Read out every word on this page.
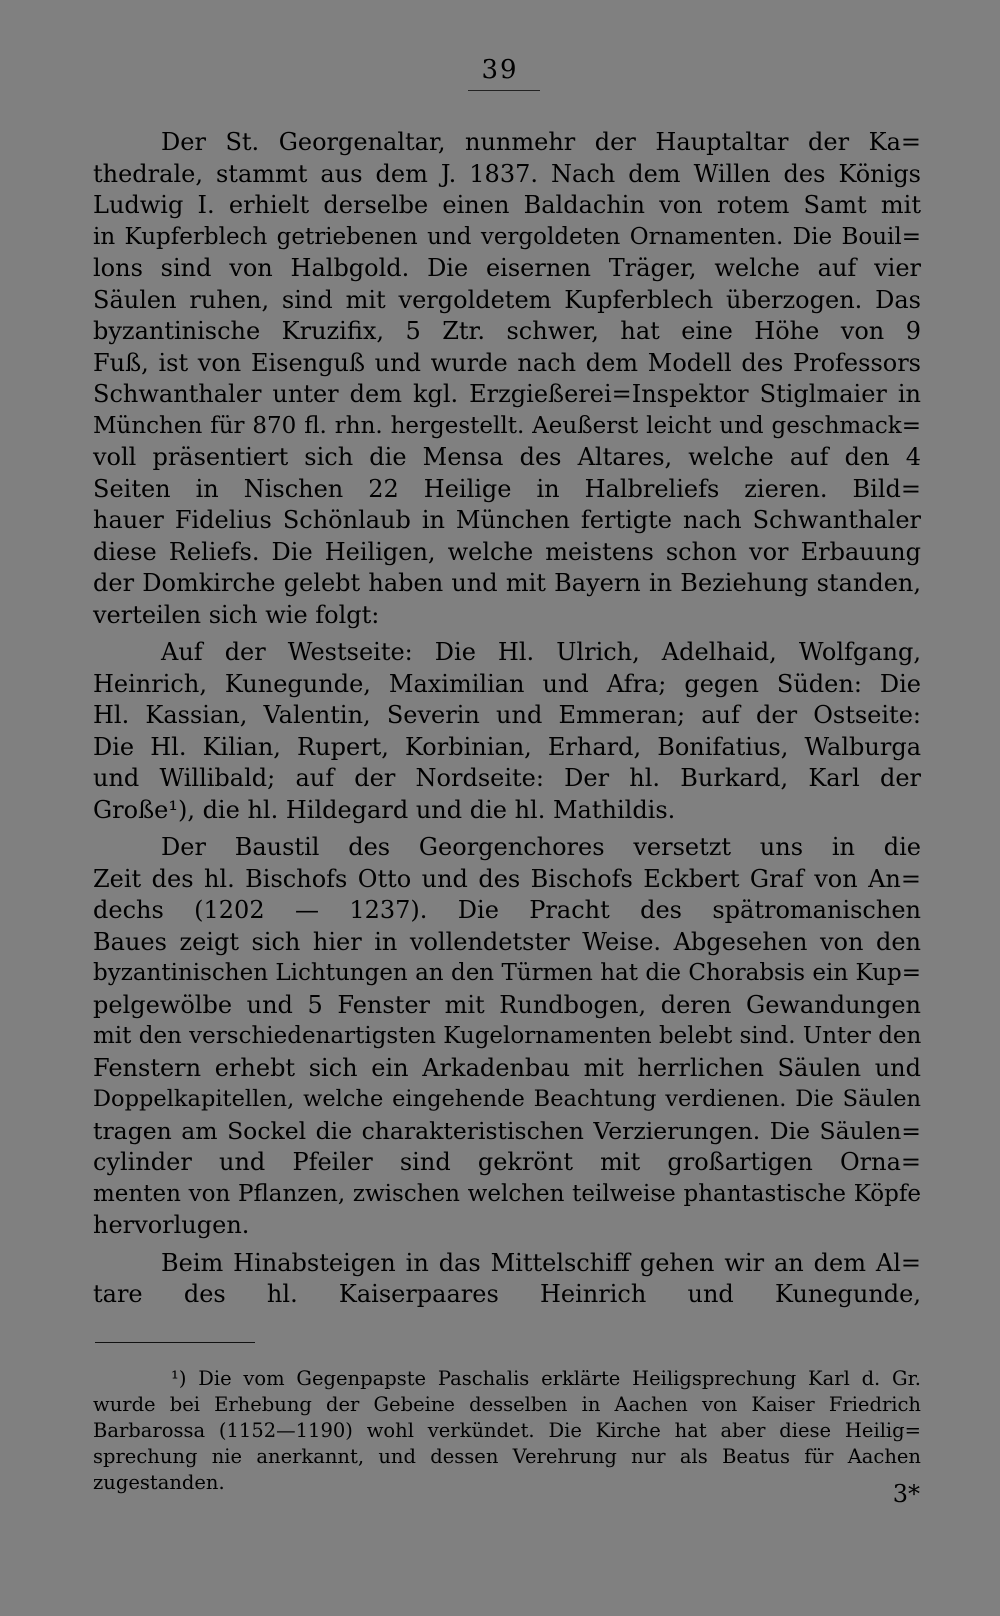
39
Der St. Georgenaltar, nunmehr der Hauptaltar der Ka=
thedrale, stammt aus dem J. 1837. Nach dem Willen des Königs
Ludwig I. erhielt derselbe einen Baldachin von rotem Samt mit
in Kupferblech getriebenen und vergoldeten Ornamenten. Die Bouil=
lons sind von Halbgold. Die eisernen Träger, welche auf vier
Säulen ruhen, sind mit vergoldetem Kupferblech überzogen. Das
byzantinische Kruzifix, 5 Ztr. schwer, hat eine Höhe von 9
Fuß, ist von Eisenguß und wurde nach dem Modell des Professors
Schwanthaler unter dem kgl. Erzgießerei=Inspektor Stiglmaier in
München für 870 fl. rhn. hergestellt. Aeußerst leicht und geschmack=
voll präsentiert sich die Mensa des Altares, welche auf den 4
Seiten in Nischen 22 Heilige in Halbreliefs zieren. Bild=
hauer Fidelius Schönlaub in München fertigte nach Schwanthaler
diese Reliefs. Die Heiligen, welche meistens schon vor Erbauung
der Domkirche gelebt haben und mit Bayern in Beziehung standen,
verteilen sich wie folgt:
Auf der Westseite: Die Hl. Ulrich, Adelhaid, Wolfgang,
Heinrich, Kunegunde, Maximilian und Afra; gegen Süden: Die
Hl. Kassian, Valentin, Severin und Emmeran; auf der Ostseite:
Die Hl. Kilian, Rupert, Korbinian, Erhard, Bonifatius, Walburga
und Willibald; auf der Nordseite: Der hl. Burkard, Karl der
Große¹), die hl. Hildegard und die hl. Mathildis.
Der Baustil des Georgenchores versetzt uns in die
Zeit des hl. Bischofs Otto und des Bischofs Eckbert Graf von An=
dechs (1202 — 1237). Die Pracht des spätromanischen
Baues zeigt sich hier in vollendetster Weise. Abgesehen von den
byzantinischen Lichtungen an den Türmen hat die Chorabsis ein Kup=
pelgewölbe und 5 Fenster mit Rundbogen, deren Gewandungen
mit den verschiedenartigsten Kugelornamenten belebt sind. Unter den
Fenstern erhebt sich ein Arkadenbau mit herrlichen Säulen und
Doppelkapitellen, welche eingehende Beachtung verdienen. Die Säulen
tragen am Sockel die charakteristischen Verzierungen. Die Säulen=
cylinder und Pfeiler sind gekrönt mit großartigen Orna=
menten von Pflanzen, zwischen welchen teilweise phantastische Köpfe
hervorlugen.
Beim Hinabsteigen in das Mittelschiff gehen wir an dem Al=
tare des hl. Kaiserpaares Heinrich und Kunegunde,
¹) Die vom Gegenpapste Paschalis erklärte Heiligsprechung Karl d. Gr.
wurde bei Erhebung der Gebeine desselben in Aachen von Kaiser Friedrich
Barbarossa (1152—1190) wohl verkündet. Die Kirche hat aber diese Heilig=
sprechung nie anerkannt, und dessen Verehrung nur als Beatus für Aachen
zugestanden.	3*
